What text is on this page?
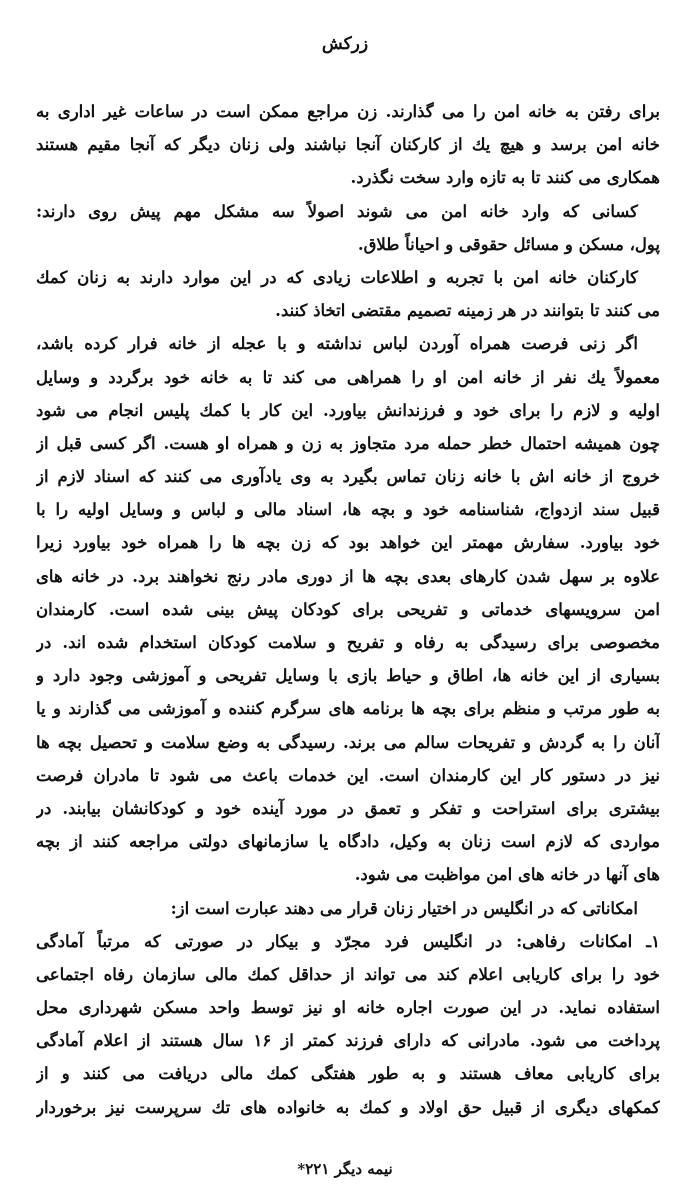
زرکش
برای رفتن به خانه امن را می گذارند. زن مراجع ممکن است در ساعات غیر اداری به
خانه امن برسد و هیچ یك از کارکنان آنجا نباشند ولی زنان دیگر که آنجا مقیم هستند
همکاری می کنند تا به تازه وارد سخت نگذرد.
کسانی که وارد خانه امن می شوند اصولاً سه مشکل مهم پیش روی دارند:
پول، مسکن و مسائل حقوقی و احیاناً طلاق.
کارکنان خانه امن با تجربه و اطلاعات زیادی که در این موارد دارند به زنان کمك
می کنند تا بتوانند در هر زمینه تصمیم مقتضی اتخاذ کنند.
اگر زنی فرصت همراه آوردن لباس نداشته و با عجله از خانه فرار کرده باشد،
معمولاً یك نفر از خانه امن او را همراهی می کند تا به خانه خود برگردد و وسایل
اولیه و لازم را برای خود و فرزندانش بیاورد. این کار با کمك پلیس انجام می شود
چون همیشه احتمال خطر حمله مرد متجاوز به زن و همراه او هست. اگر کسی قبل از
خروج از خانه اش با خانه زنان تماس بگیرد به وی یادآوری می کنند که اسناد لازم از
قبیل سند ازدواج، شناسنامه خود و بچه ها، اسناد مالی و لباس و وسایل اولیه را با
خود بیاورد. سفارش مهمتر این خواهد بود که زن بچه ها را همراه خود بیاورد زیرا
علاوه بر سهل شدن کارهای بعدی بچه ها از دوری مادر رنج نخواهند برد. در خانه های
امن سرویسهای خدماتی و تفریحی برای کودکان پیش بینی شده است. کارمندان
مخصوصی برای رسیدگی به رفاه و تفریح و سلامت کودکان استخدام شده اند. در
بسیاری از این خانه ها، اطاق و حیاط بازی با وسایل تفریحی و آموزشی وجود دارد و
به طور مرتب و منظم برای بچه ها برنامه های سرگرم کننده و آموزشی می گذارند و یا
آنان را به گردش و تفریحات سالم می برند. رسیدگی به وضع سلامت و تحصیل بچه ها
نیز در دستور کار این کارمندان است. این خدمات باعث می شود تا مادران فرصت
بیشتری برای استراحت و تفکر و تعمق در مورد آینده خود و کودکانشان بیابند. در
مواردی که لازم است زنان به وکیل، دادگاه یا سازمانهای دولتی مراجعه کنند از بچه
های آنها در خانه های امن مواظبت می شود.
امکاناتی که در انگلیس در اختیار زنان قرار می دهند عبارت است از:
۱ـ امکانات رفاهی: در انگلیس فرد مجرّد و بیکار در صورتی که مرتباً آمادگی
خود را برای کاریابی اعلام کند می تواند از حداقل کمك مالی سازمان رفاه اجتماعی
استفاده نماید. در این صورت اجاره خانه او نیز توسط واحد مسکن شهرداری محل
پرداخت می شود. مادرانی که دارای فرزند کمتر از ۱۶ سال هستند از اعلام آمادگی
برای کاریابی معاف هستند و به طور هفتگی کمك مالی دریافت می کنند و از
کمکهای دیگری از قبیل حق اولاد و کمك به خانواده های تك سرپرست نیز برخوردار
نیمه دیگر ۲۲۱*
